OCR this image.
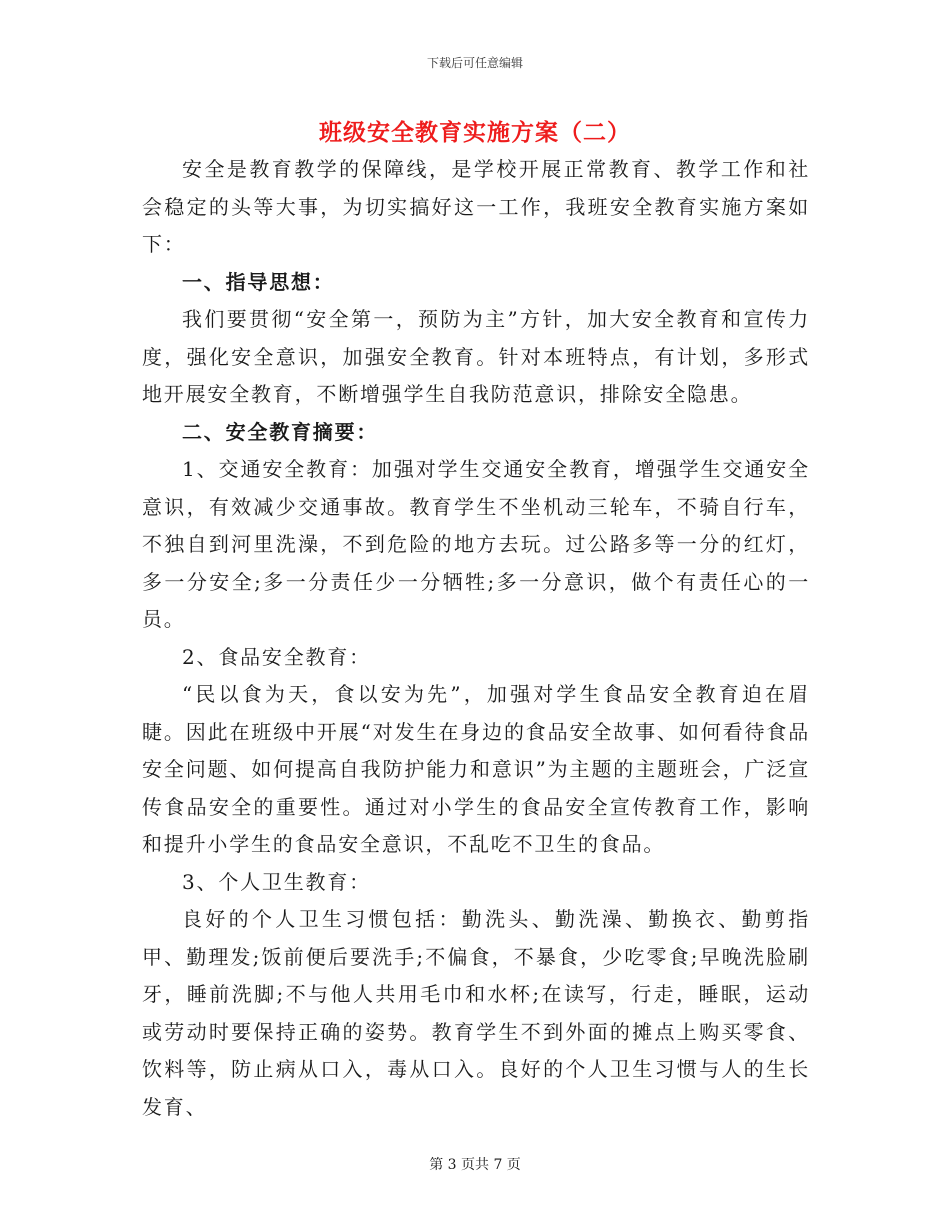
下载后可任意编辑
班级安全教育实施方案（二）

安全是教育教学的保障线，是学校开展正常教育、教学工作和社会稳定的头等大事，为切实搞好这一工作，我班安全教育实施方案如下：

一、指导思想：

我们要贯彻“安全第一，预防为主”方针，加大安全教育和宣传力度，强化安全意识，加强安全教育。针对本班特点，有计划，多形式地开展安全教育，不断增强学生自我防范意识，排除安全隐患。

二、安全教育摘要：

1、交通安全教育：加强对学生交通安全教育，增强学生交通安全意识，有效减少交通事故。教育学生不坐机动三轮车，不骑自行车，不独自到河里洗澡，不到危险的地方去玩。过公路多等一分的红灯，多一分安全;多一分责任少一分牺牲;多一分意识，做个有责任心的一员。

2、食品安全教育：

“民以食为天，食以安为先”，加强对学生食品安全教育迫在眉睫。因此在班级中开展“对发生在身边的食品安全故事、如何看待食品安全问题、如何提高自我防护能力和意识”为主题的主题班会，广泛宣传食品安全的重要性。通过对小学生的食品安全宣传教育工作，影响和提升小学生的食品安全意识，不乱吃不卫生的食品。

3、个人卫生教育：

良好的个人卫生习惯包括：勤洗头、勤洗澡、勤换衣、勤剪指甲、勤理发;饭前便后要洗手;不偏食，不暴食，少吃零食;早晚洗脸刷牙，睡前洗脚;不与他人共用毛巾和水杯;在读写，行走，睡眠，运动或劳动时要保持正确的姿势。教育学生不到外面的摊点上购买零食、饮料等，防止病从口入，毒从口入。良好的个人卫生习惯与人的生长发育、

第 3 页共 7 页
